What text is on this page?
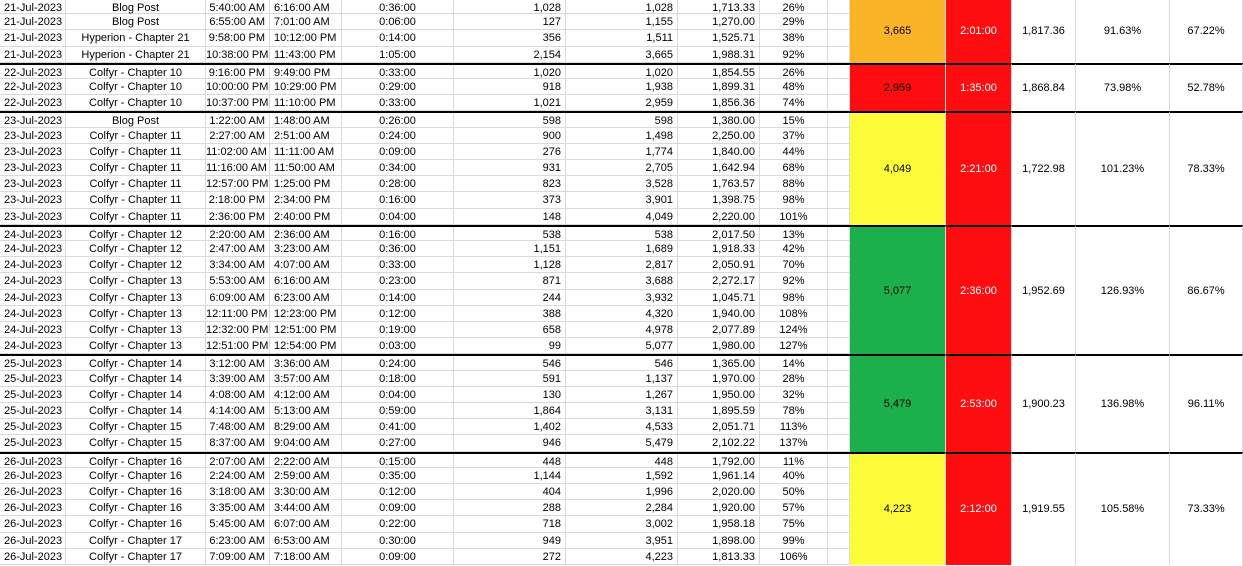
21-Jul-2023	Blog Post	5:40:00 AM 6:16:00 AM	0:36:00	1,028	1,028	1,713.33	26%
21-Jul-2023	Blog Post	6:55:00 AM 7:01:00 AM	0:06:00	127	1,155	1,270.00	29%
21-Jul-2023	Hyperion - Chapter 21	9:58:00 PM 10:12:00 PM	0:14:00	356	1,511	1,525.71	38%
21-Jul-2023	Hyperion - Chapter 21	10:38:00 PM 11:43:00 PM	1:05:00	2,154	3,665	1,988.31	92%
3,665	2:01:00	1,817.36	91.63%	67.22%
22-Jul-2023	Colfyr - Chapter 10	9:16:00 PM 9:49:00 PM	0:33:00	1,020	1,020	1,854.55	26%
22-Jul-2023	Colfyr - Chapter 10	10:00:00 PM 10:29:00 PM	0:29:00	918	1,938	1,899.31	48%
22-Jul-2023	Colfyr - Chapter 10	10:37:00 PM 11:10:00 PM	0:33:00	1,021	2,959	1,856.36	74%
2,959	1:35:00	1,868.84	73.98%	52.78%
23-Jul-2023	Blog Post	1:22:00 AM 1:48:00 AM	0:26:00	598	598	1,380.00	15%
23-Jul-2023	Colfyr - Chapter 11	2:27:00 AM 2:51:00 AM	0:24:00	900	1,498	2,250.00	37%
23-Jul-2023	Colfyr - Chapter 11	11:02:00 AM 11:11:00 AM	0:09:00	276	1,774	1,840.00	44%
23-Jul-2023	Colfyr - Chapter 11	11:16:00 AM 11:50:00 AM	0:34:00	931	2,705	1,642.94	68%
23-Jul-2023	Colfyr - Chapter 11	12:57:00 PM 1:25:00 PM	0:28:00	823	3,528	1,763.57	88%
23-Jul-2023	Colfyr - Chapter 11	2:18:00 PM 2:34:00 PM	0:16:00	373	3,901	1,398.75	98%
23-Jul-2023	Colfyr - Chapter 11	2:36:00 PM 2:40:00 PM	0:04:00	148	4,049	2,220.00	101%
4,049	2:21:00	1,722.98	101.23%	78.33%
24-Jul-2023	Colfyr - Chapter 12	2:20:00 AM 2:36:00 AM	0:16:00	538	538	2,017.50	13%
24-Jul-2023	Colfyr - Chapter 12	2:47:00 AM 3:23:00 AM	0:36:00	1,151	1,689	1,918.33	42%
24-Jul-2023	Colfyr - Chapter 12	3:34:00 AM 4:07:00 AM	0:33:00	1,128	2,817	2,050.91	70%
24-Jul-2023	Colfyr - Chapter 13	5:53:00 AM 6:16:00 AM	0:23:00	871	3,688	2,272.17	92%
24-Jul-2023	Colfyr - Chapter 13	6:09:00 AM 6:23:00 AM	0:14:00	244	3,932	1,045.71	98%
24-Jul-2023	Colfyr - Chapter 13	12:11:00 PM 12:23:00 PM	0:12:00	388	4,320	1,940.00	108%
24-Jul-2023	Colfyr - Chapter 13	12:32:00 PM 12:51:00 PM	0:19:00	658	4,978	2,077.89	124%
24-Jul-2023	Colfyr - Chapter 13	12:51:00 PM 12:54:00 PM	0:03:00	99	5,077	1,980.00	127%
5,077	2:36:00	1,952.69	126.93%	86.67%
25-Jul-2023	Colfyr - Chapter 14	3:12:00 AM 3:36:00 AM	0:24:00	546	546	1,365.00	14%
25-Jul-2023	Colfyr - Chapter 14	3:39:00 AM 3:57:00 AM	0:18:00	591	1,137	1,970.00	28%
25-Jul-2023	Colfyr - Chapter 14	4:08:00 AM 4:12:00 AM	0:04:00	130	1,267	1,950.00	32%
25-Jul-2023	Colfyr - Chapter 14	4:14:00 AM 5:13:00 AM	0:59:00	1,864	3,131	1,895.59	78%
25-Jul-2023	Colfyr - Chapter 15	7:48:00 AM 8:29:00 AM	0:41:00	1,402	4,533	2,051.71	113%
25-Jul-2023	Colfyr - Chapter 15	8:37:00 AM 9:04:00 AM	0:27:00	946	5,479	2,102.22	137%
5,479	2:53:00	1,900.23	136.98%	96.11%
26-Jul-2023	Colfyr - Chapter 16	2:07:00 AM 2:22:00 AM	0:15:00	448	448	1,792.00	11%
26-Jul-2023	Colfyr - Chapter 16	2:24:00 AM 2:59:00 AM	0:35:00	1,144	1,592	1,961.14	40%
26-Jul-2023	Colfyr - Chapter 16	3:18:00 AM 3:30:00 AM	0:12:00	404	1,996	2,020.00	50%
26-Jul-2023	Colfyr - Chapter 16	3:35:00 AM 3:44:00 AM	0:09:00	288	2,284	1,920.00	57%
26-Jul-2023	Colfyr - Chapter 16	5:45:00 AM 6:07:00 AM	0:22:00	718	3,002	1,958.18	75%
26-Jul-2023	Colfyr - Chapter 17	6:23:00 AM 6:53:00 AM	0:30:00	949	3,951	1,898.00	99%
26-Jul-2023	Colfyr - Chapter 17	7:09:00 AM 7:18:00 AM	0:09:00	272	4,223	1,813.33	106%
4,223	2:12:00	1,919.55	105.58%	73.33%
